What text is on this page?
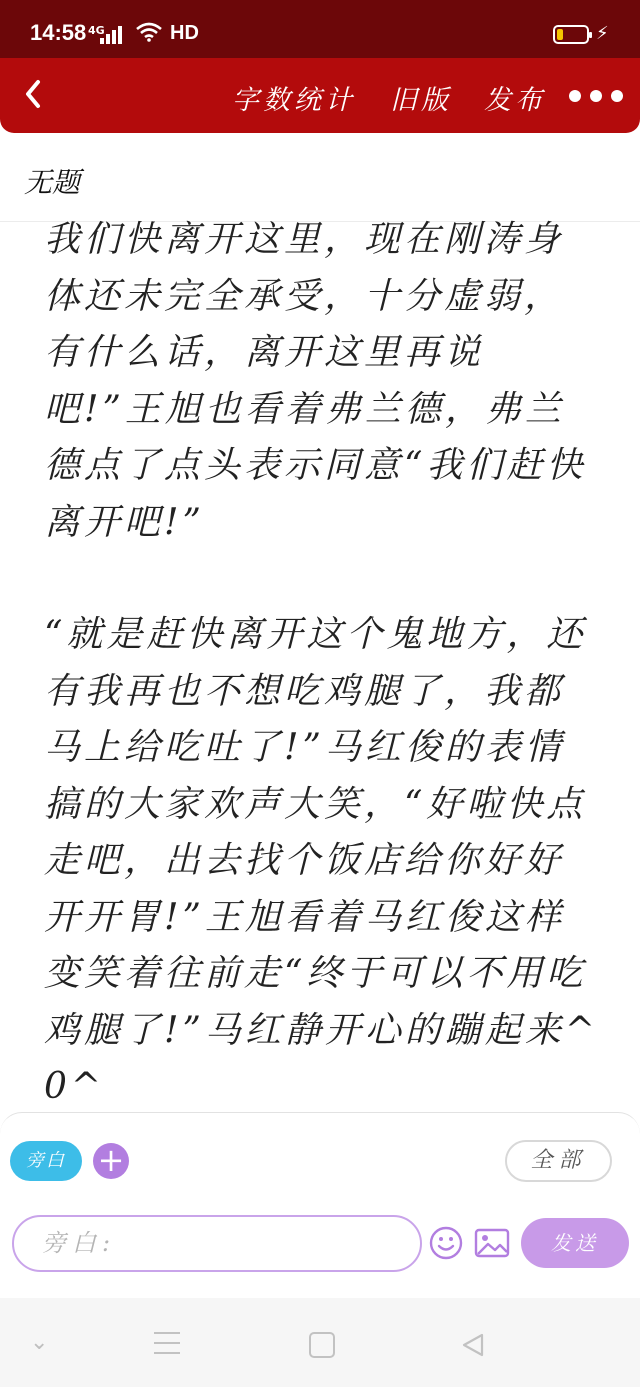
14:58 4G	HD	⚡
字数统计 旧版 发布
无题

我们快离开这里，现在刚涛身体还未完全承受，十分虚弱，有什么话，离开这里再说吧!”王旭也看着弗兰德，弗兰德点了点头表示同意“我们赶快离开吧!”

“就是赶快离开这个鬼地方，还有我再也不想吃鸡腿了，我都马上给吃吐了!”马红俊的表情搞的大家欢声大笑，“好啦快点走吧，出去找个饭店给你好好开开胃!”王旭看着马红俊这样变笑着往前走“终于可以不用吃鸡腿了!”马红静开心的蹦起来^0^

旁白 +	全部
旁白:	发送
⌄
